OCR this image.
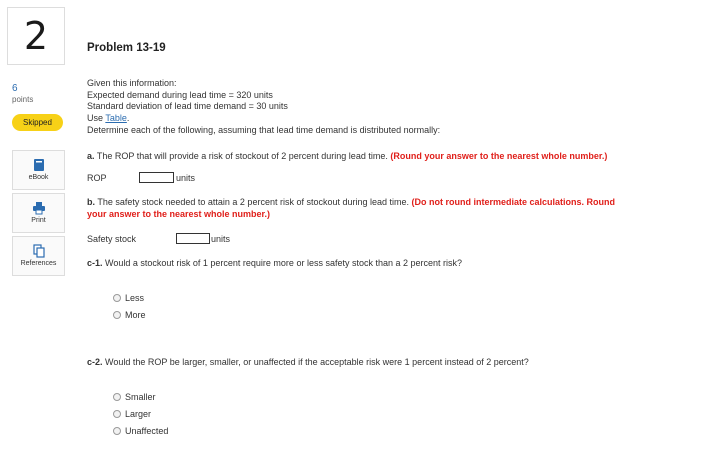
2
6
points
Skipped
eBook
Print
References
Problem 13-19
Given this information:
Expected demand during lead time = 320 units
Standard deviation of lead time demand = 30 units
Use Table.
Determine each of the following, assuming that lead time demand is distributed normally:
a. The ROP that will provide a risk of stockout of 2 percent during lead time. (Round your answer to the nearest whole number.)
ROP	units
b. The safety stock needed to attain a 2 percent risk of stockout during lead time. (Do not round intermediate calculations. Round
your answer to the nearest whole number.)
Safety stock	units
c-1. Would a stockout risk of 1 percent require more or less safety stock than a 2 percent risk?
Less
More
c-2. Would the ROP be larger, smaller, or unaffected if the acceptable risk were 1 percent instead of 2 percent?
Smaller
Larger
Unaffected
